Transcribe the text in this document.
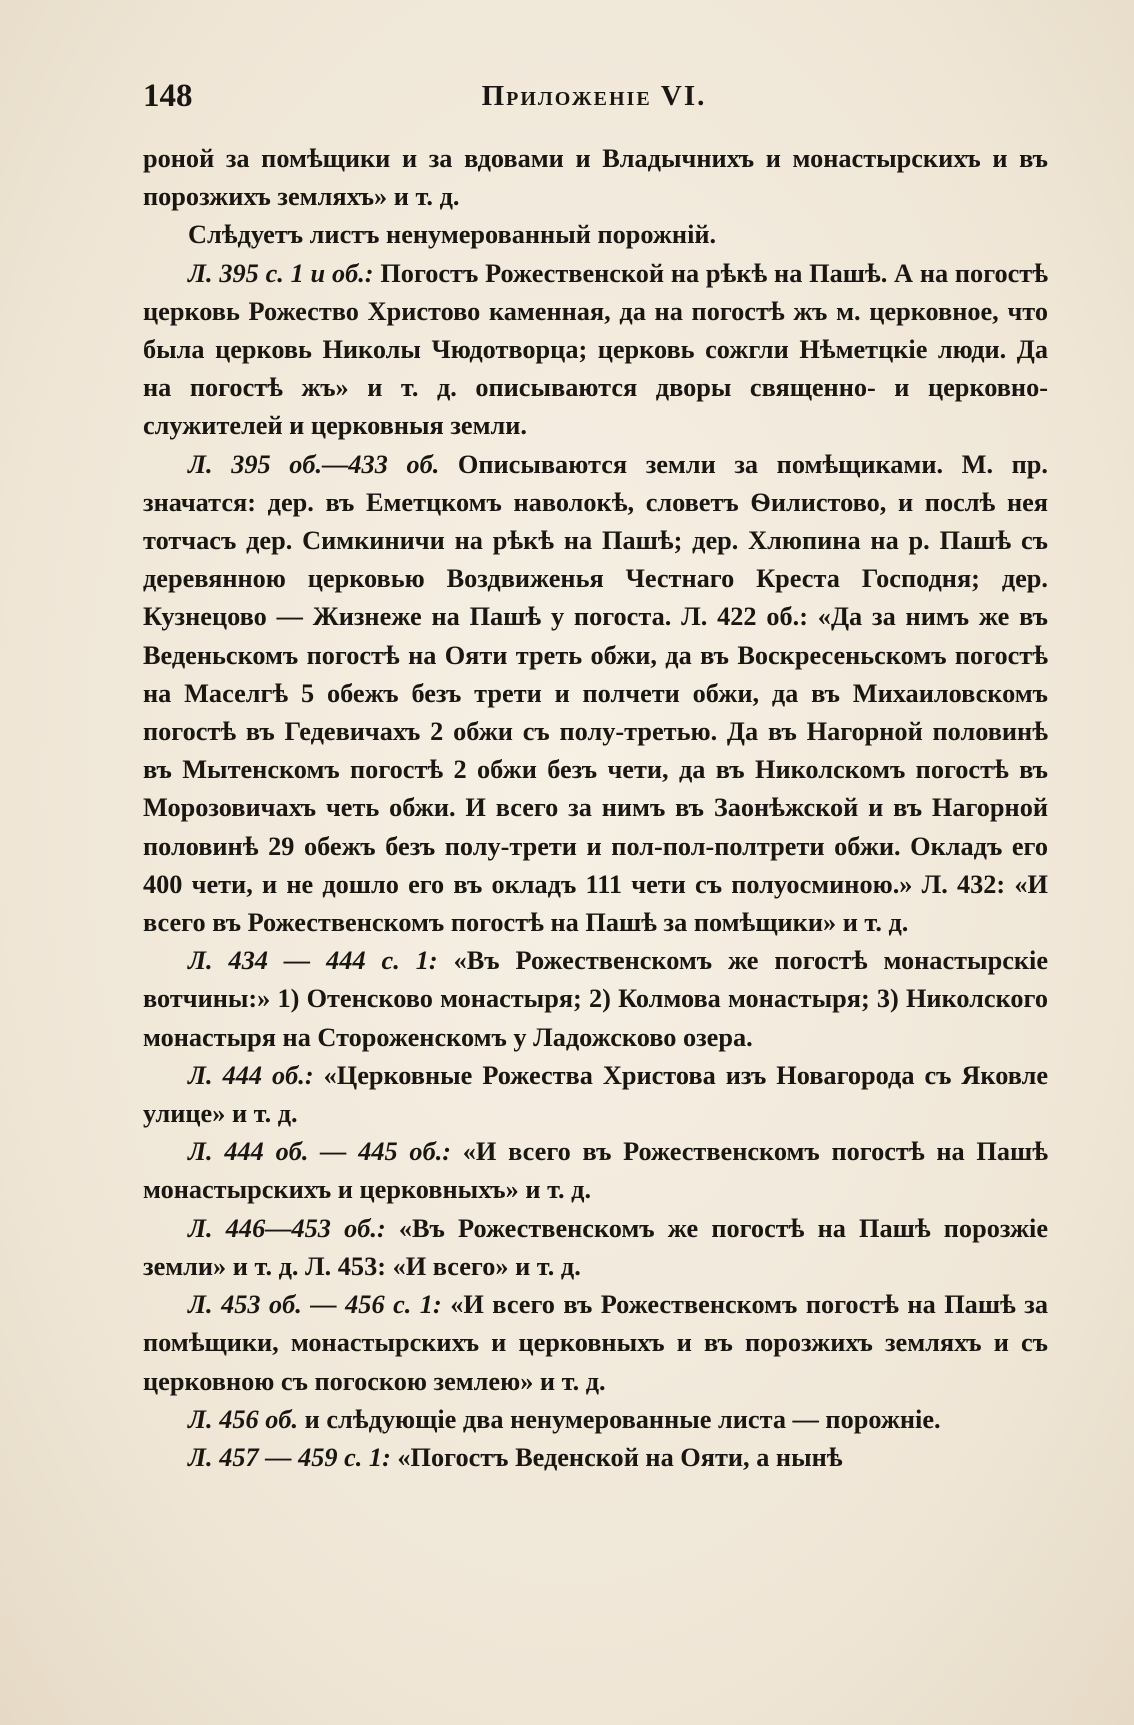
148	Приложеніе VI.

роной за помѣщики и за вдовами и Владычнихъ и монастырскихъ и въ порозжихъ земляхъ» и т. д.

Слѣдуетъ листъ ненумерованный порожній.

Л. 395 с. 1 и об.: Погостъ Рожественской на рѣкѣ на Пашѣ. А на погостѣ церковь Рожество Христово каменная, да на погостѣ жъ м. церковное, что была церковь Николы Чюдотворца; церковь сожгли Нѣметцкіе люди. Да на погостѣ жъ» и т. д. описываются дворы священно- и церковно-служителей и церковныя земли.

Л. 395 об.—433 об. Описываются земли за помѣщиками. М. пр. значатся: дер. въ Еметцкомъ наволокѣ, словетъ Ѳилистово, и послѣ нея тотчасъ дер. Симкиничи на рѣкѣ на Пашѣ; дер. Хлюпина на р. Пашѣ съ деревянною церковью Воздвиженья Честнаго Креста Господня; дер. Кузнецово — Жизнеже на Пашѣ у погоста. Л. 422 об.: «Да за нимъ же въ Веденьскомъ погостѣ на Ояти треть обжи, да въ Воскресеньскомъ погостѣ на Маселгѣ 5 обежъ безъ трети и полчети обжи, да въ Михаиловскомъ погостѣ въ Гедевичахъ 2 обжи съ полу-третью. Да въ Нагорной половинѣ въ Мытенскомъ погостѣ 2 обжи безъ чети, да въ Николскомъ погостѣ въ Морозовичахъ четь обжи. И всего за нимъ въ Заонѣжской и въ Нагорной половинѣ 29 обежъ безъ полу-трети и пол-пол-полтрети обжи. Окладъ его 400 чети, и не дошло его въ окладъ 111 чети съ полуосминою.» Л. 432: «И всего въ Рожественскомъ погостѣ на Пашѣ за помѣщики» и т. д.

Л. 434 — 444 с. 1: «Въ Рожественскомъ же погостѣ монастырскіе вотчины:» 1) Отенсково монастыря; 2) Колмова монастыря; 3) Николского монастыря на Стороженскомъ у Ладожсково озера.

Л. 444 об.: «Церковные Рожества Христова изъ Новагорода съ Яковле улице» и т. д.

Л. 444 об. — 445 об.: «И всего въ Рожественскомъ погостѣ на Пашѣ монастырскихъ и церковныхъ» и т. д.

Л. 446—453 об.: «Въ Рожественскомъ же погостѣ на Пашѣ порозжіе земли» и т. д. Л. 453: «И всего» и т. д.

Л. 453 об. — 456 с. 1: «И всего въ Рожественскомъ погостѣ на Пашѣ за помѣщики, монастырскихъ и церковныхъ и въ порозжихъ земляхъ и съ церковною съ погоскою землею» и т. д.

Л. 456 об. и слѣдующіе два ненумерованные листа — порожніе.

Л. 457 — 459 с. 1: «Погостъ Веденской на Ояти, а нынѣ
